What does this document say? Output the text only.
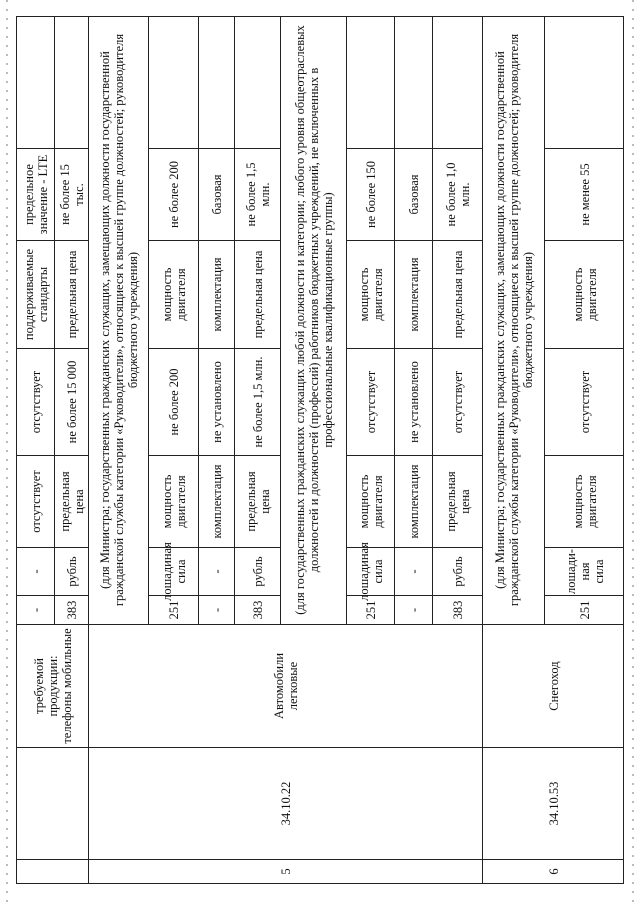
требуемой продукции: телефоны мобильные
-
-
отсутствует
отсутствует
поддерживаемые стандарты
предельное значение - LTE
383
рубль
предельная цена
не более 15 000
предельная цена
не более 15 тыс.
5
34.10.22
Автомобили легковые
(для Министра; государственных гражданских служащих, замещающих должности государственной гражданской службы категории «Руководители», относящиеся к высшей группе должностей; руководителя бюджетного учреждения)
251
лошадиная сила
мощность двигателя
не более 200
мощность двигателя
не более 200
-
-
комплектация
не установлено
комплектация
базовая
383
рубль
предельная цена
не более 1,5 млн.
предельная цена
не более 1,5 млн.	(для государственных гражданских служащих любой должности и категории; любого уровня общеотраслевых должностей и должностей (профессий) работников бюджетных учреждений, не включенных в профессиональные квалификационные группы)
251
лошадиная сила
мощность двигателя
отсутствует
мощность двигателя
не более 150
-
-
комплектация
не установлено
комплектация
базовая
383
рубль
предельная цена
отсутствует
предельная цена
не более 1,0 млн.
6
34.10.53
Снегоход
(для Министра; государственных гражданских служащих, замещающих должности государственной гражданской службы категории «Руководители», относящиеся к высшей группе должностей; руководителя бюджетного учреждения)
251
лошади-ная сила
мощность двигателя
отсутствует
мощность двигателя
не менее 55
